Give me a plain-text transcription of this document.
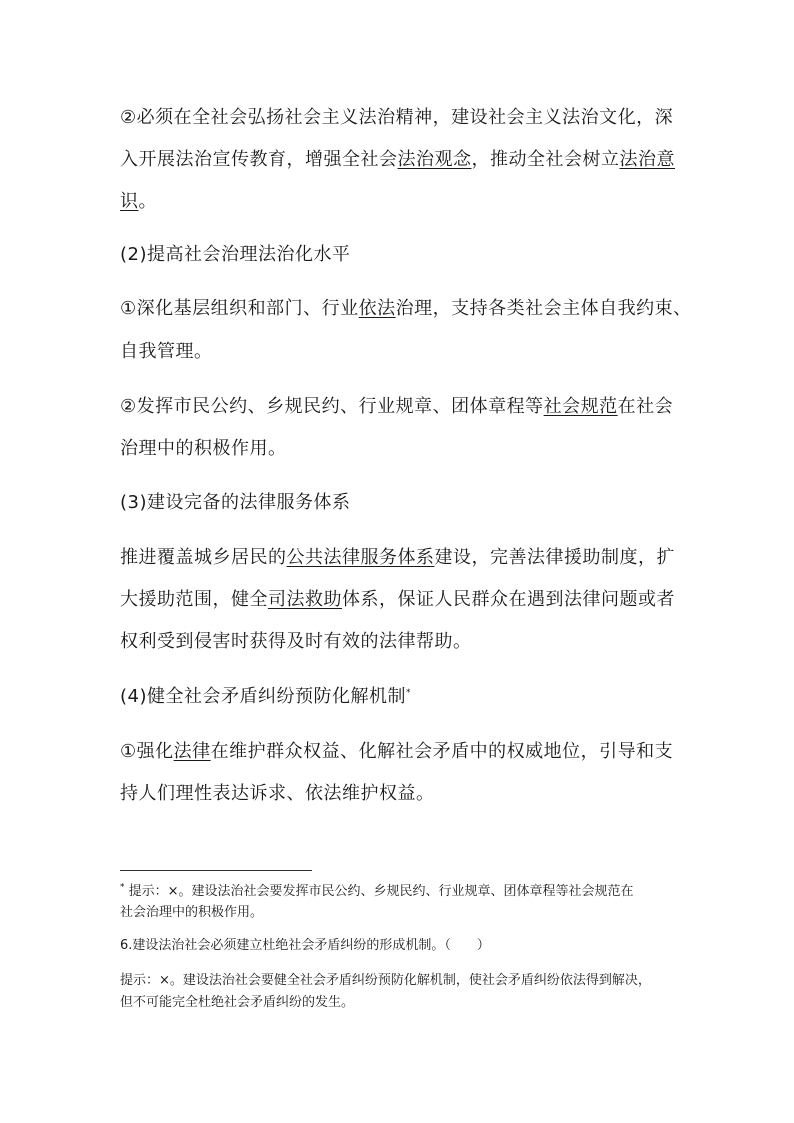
②必须在全社会弘扬社会主义法治精神，建设社会主义法治文化，深
入开展法治宣传教育，增强全社会法治观念，推动全社会树立法治意
识。
(2)提高社会治理法治化水平
①深化基层组织和部门、行业依法治理，支持各类社会主体自我约束、
自我管理。
②发挥市民公约、乡规民约、行业规章、团体章程等社会规范在社会
治理中的积极作用。
(3)建设完备的法律服务体系
推进覆盖城乡居民的公共法律服务体系建设，完善法律援助制度，扩
大援助范围，健全司法救助体系，保证人民群众在遇到法律问题或者
权利受到侵害时获得及时有效的法律帮助。
(4)健全社会矛盾纠纷预防化解机制*
①强化法律在维护群众权益、化解社会矛盾中的权威地位，引导和支
持人们理性表达诉求、依法维护权益。
* 提示：×。建设法治社会要发挥市民公约、乡规民约、行业规章、团体章程等社会规范在
社会治理中的积极作用。
6.建设法治社会必须建立杜绝社会矛盾纠纷的形成机制。（　　）
提示：×。建设法治社会要健全社会矛盾纠纷预防化解机制，使社会矛盾纠纷依法得到解决，
但不可能完全杜绝社会矛盾纠纷的发生。
